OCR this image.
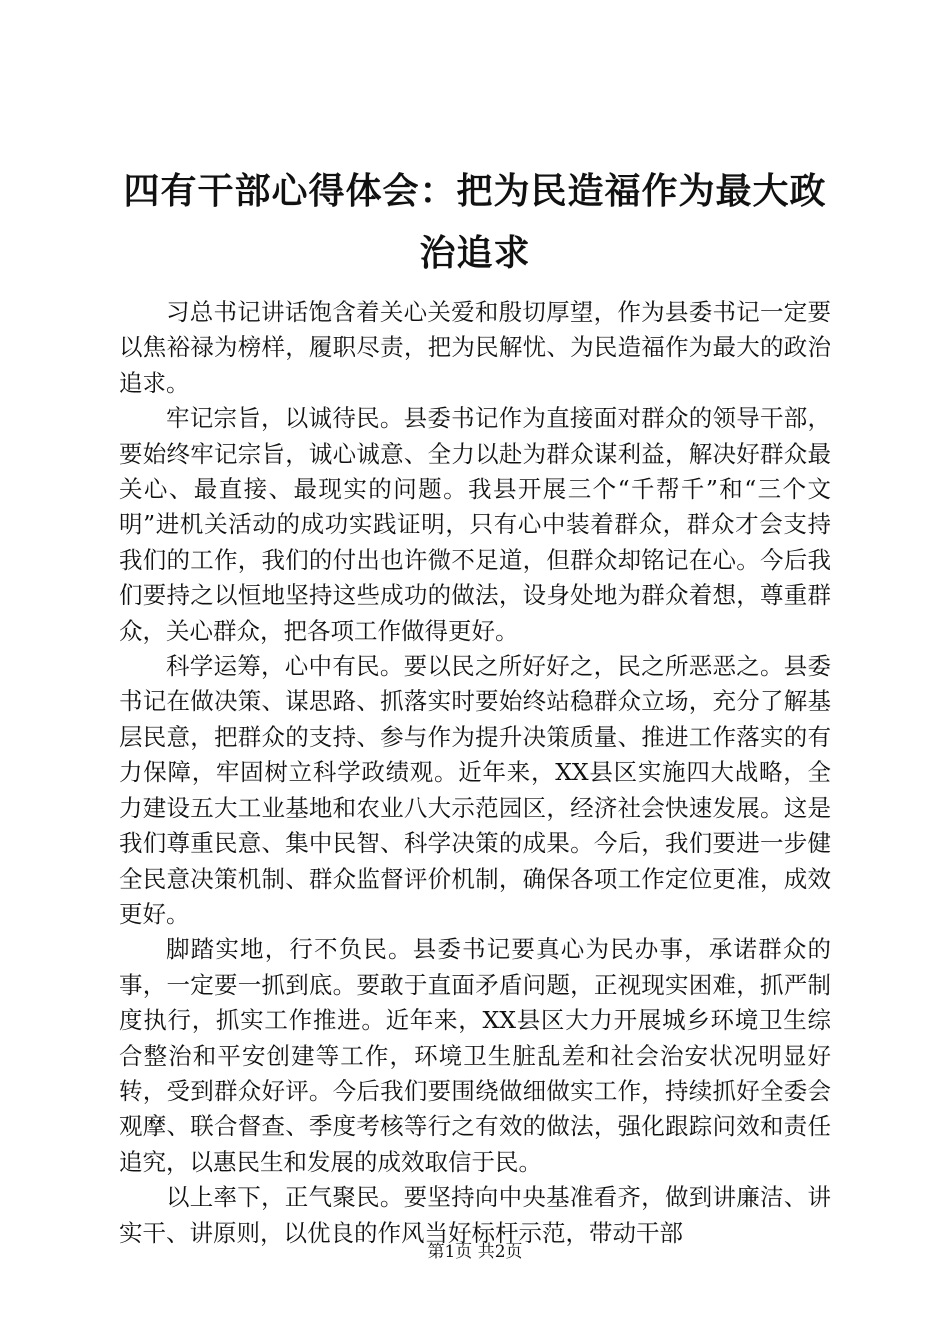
四有干部心得体会：把为民造福作为最大政治追求

习总书记讲话饱含着关心关爱和殷切厚望，作为县委书记一定要以焦裕禄为榜样，履职尽责，把为民解忧、为民造福作为最大的政治追求。

牢记宗旨，以诚待民。县委书记作为直接面对群众的领导干部，要始终牢记宗旨，诚心诚意、全力以赴为群众谋利益，解决好群众最关心、最直接、最现实的问题。我县开展三个“千帮千”和“三个文明”进机关活动的成功实践证明，只有心中装着群众，群众才会支持我们的工作，我们的付出也许微不足道，但群众却铭记在心。今后我们要持之以恒地坚持这些成功的做法，设身处地为群众着想，尊重群众，关心群众，把各项工作做得更好。

科学运筹，心中有民。要以民之所好好之，民之所恶恶之。县委书记在做决策、谋思路、抓落实时要始终站稳群众立场，充分了解基层民意，把群众的支持、参与作为提升决策质量、推进工作落实的有力保障，牢固树立科学政绩观。近年来，XX县区实施四大战略，全力建设五大工业基地和农业八大示范园区，经济社会快速发展。这是我们尊重民意、集中民智、科学决策的成果。今后，我们要进一步健全民意决策机制、群众监督评价机制，确保各项工作定位更准，成效更好。

脚踏实地，行不负民。县委书记要真心为民办事，承诺群众的事，一定要一抓到底。要敢于直面矛盾问题，正视现实困难，抓严制度执行，抓实工作推进。近年来，XX县区大力开展城乡环境卫生综合整治和平安创建等工作，环境卫生脏乱差和社会治安状况明显好转，受到群众好评。今后我们要围绕做细做实工作，持续抓好全委会观摩、联合督查、季度考核等行之有效的做法，强化跟踪问效和责任追究，以惠民生和发展的成效取信于民。

以上率下，正气聚民。要坚持向中央基准看齐，做到讲廉洁、讲实干、讲原则，以优良的作风当好标杆示范，带动干部

第1页 共2页
